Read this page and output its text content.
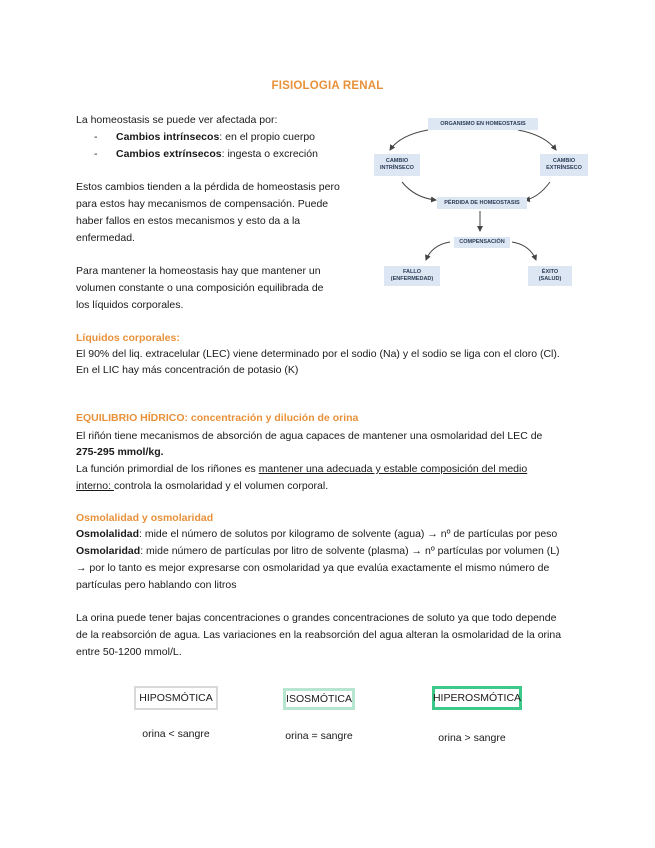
FISIOLOGIA RENAL
La homeostasis se puede ver afectada por:
- Cambios intrínsecos: en el propio cuerpo
- Cambios extrínsecos: ingesta o excreción
Estos cambios tienden a la pérdida de homeostasis pero
para estos hay mecanismos de compensación. Puede
haber fallos en estos mecanismos y esto da a la
enfermedad.
Para mantener la homeostasis hay que mantener un
volumen constante o una composición equilibrada de
los líquidos corporales.
ORGANISMO EN HOMEOSTASIS
CAMBIO INTRÍNSECO
CAMBIO EXTRÍNSECO
PÉRDIDA DE HOMEOSTASIS
COMPENSACIÓN
FALLO (ENFERMEDAD)
ÉXITO (SALUD)
Líquidos corporales:
El 90% del liq. extracelular (LEC) viene determinado por el sodio (Na) y el sodio se liga con el cloro (Cl).
En el LIC hay más concentración de potasio (K)
EQUILIBRIO HÍDRICO: concentración y dilución de orina
El riñón tiene mecanismos de absorción de agua capaces de mantener una osmolaridad del LEC de
275-295 mmol/kg.
La función primordial de los riñones es mantener una adecuada y estable composición del medio
interno: controla la osmolaridad y el volumen corporal.
Osmolalidad y osmolaridad
Osmolalidad: mide el número de solutos por kilogramo de solvente (agua) → nº de partículas por peso
Osmolaridad: mide número de partículas por litro de solvente (plasma) → nº partículas por volumen (L)
→ por lo tanto es mejor expresarse con osmolaridad ya que evalúa exactamente el mismo número de
partículas pero hablando con litros
La orina puede tener bajas concentraciones o grandes concentraciones de soluto ya que todo depende
de la reabsorción de agua. Las variaciones en la reabsorción del agua alteran la osmolaridad de la orina
entre 50-1200 mmol/L.
HIPOSMÓTICA
orina < sangre
ISOSMÓTICA
orina = sangre
HIPEROSMÓTICA
orina > sangre
